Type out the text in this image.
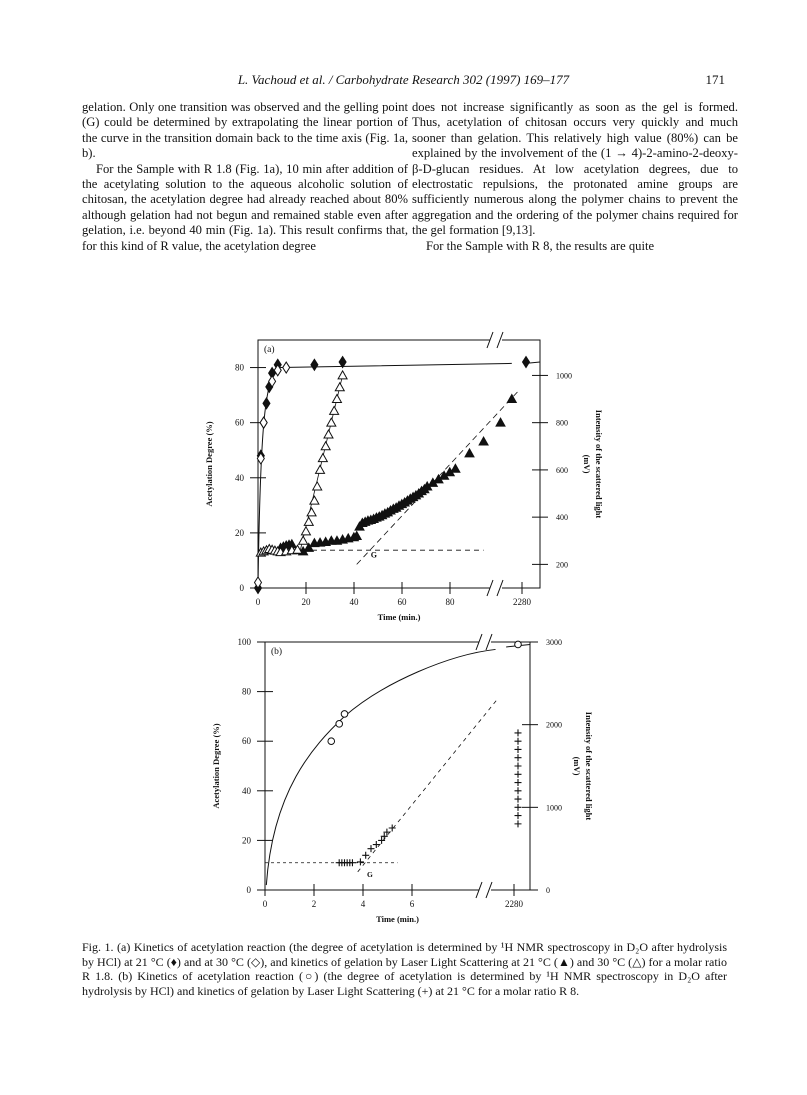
L. Vachoud et al. / Carbohydrate Research 302 (1997) 169–177	171

gelation. Only one transition was observed and the gelling point (G) could be determined by extrapolating the linear portion of the curve in the transition domain back to the time axis (Fig. 1a, b).

For the Sample with R 1.8 (Fig. 1a), 10 min after addition of the acetylating solution to the aqueous alcoholic solution of chitosan, the acetylation degree had already reached about 80% although gelation had not begun and remained stable even after gelation, i.e. beyond 40 min (Fig. 1a). This result confirms that, for this kind of R value, the acetylation degree

does not increase significantly as soon as the gel is formed. Thus, acetylation of chitosan occurs very quickly and much sooner than gelation. This relatively high value (80%) can be explained by the involvement of the (1 → 4)-2-amino-2-deoxy-β-D-glucan residues. At low acetylation degrees, due to electrostatic repulsions, the protonated amine groups are sufficiently numerous along the polymer chains to prevent the aggregation and the ordering of the polymer chains required for the gel formation [9,13].

For the Sample with R 8, the results are quite

0	20	40	60	80	2280
0
20
40
60
80
200
400
600
800
1000
(a)
Time (min.)
Acetylation Degree (%)	Intensity of the scattered light
(mV)
G
0	2	4	6	2280
0
20
40
60
80
100
0
1000
2000
3000
(b)
Time (min.)
Acetylation Degree (%)	Intensity of the scattered light
(mV)
G
Fig. 1. (a) Kinetics of acetylation reaction (the degree of acetylation is determined by ¹H NMR spectroscopy in D₂O after hydrolysis by HCl) at 21 °C (♦) and at 30 °C (◇), and kinetics of gelation by Laser Light Scattering at 21 °C (▲) and 30 °C (△) for a molar ratio R 1.8. (b) Kinetics of acetylation reaction (○) (the degree of acetylation is determined by ¹H NMR spectroscopy in D₂O after hydrolysis by HCl) and kinetics of gelation by Laser Light Scattering (+) at 21 °C for a molar ratio R 8.
